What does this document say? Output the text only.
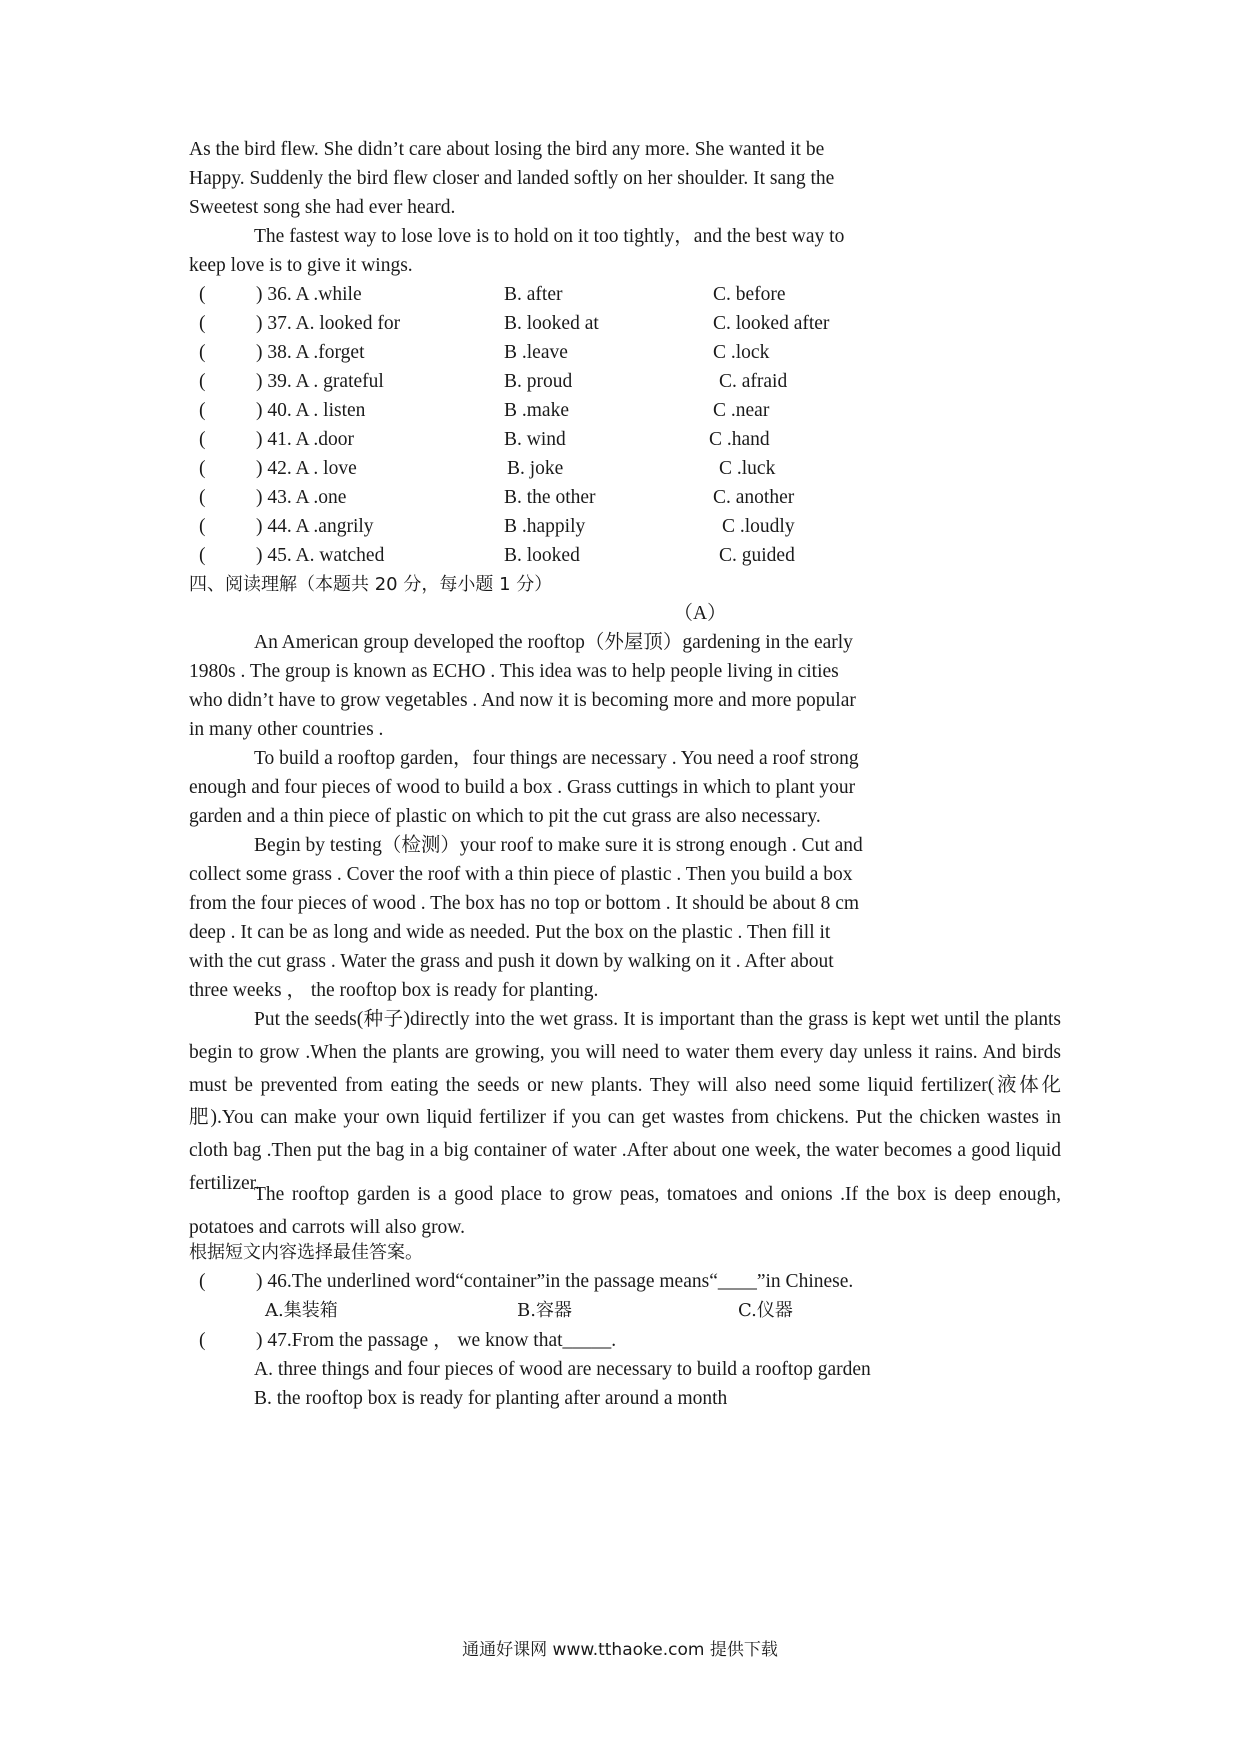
As the bird flew. She didn’t care about losing the bird any more. She wanted it be
Happy. Suddenly the bird flew closer and landed softly on her shoulder. It sang the
Sweetest song she had ever heard.
The fastest way to lose love is to hold on it too tightly，and the best way to
keep love is to give it wings.
(	) 36. A .while	B. after	C. before
(	) 37. A. looked for	B. looked at	C. looked after
(	) 38. A .forget	B .leave	C .lock
(	) 39. A . grateful	B. proud	C. afraid
(	) 40. A . listen	B .make	C .near
(	) 41. A .door	B. wind	C .hand
(	) 42. A . love	B. joke	C .luck
(	) 43. A .one	B. the other	C. another
(	) 44. A .angrily	B .happily	C .loudly
(	) 45. A. watched	B. looked	C. guided
四、阅读理解（本题共 20 分，每小题 1 分）
（A）
An American group developed the rooftop（外屋顶）gardening in the early
1980s . The group is known as ECHO . This idea was to help people living in cities
who didn’t have to grow vegetables . And now it is becoming more and more popular
in many other countries .
To build a rooftop garden，four things are necessary . You need a roof strong
enough and four pieces of wood to build a box . Grass cuttings in which to plant your
garden and a thin piece of plastic on which to pit the cut grass are also necessary.
Begin by testing（检测）your roof to make sure it is strong enough . Cut and
collect some grass . Cover the roof with a thin piece of plastic . Then you build a box
from the four pieces of wood . The box has no top or bottom . It should be about 8 cm
deep . It can be as long and wide as needed. Put the box on the plastic . Then fill it
with the cut grass . Water the grass and push it down by walking on it . After about
three weeks ， the rooftop box is ready for planting.
Put the seeds(种子)directly into the wet grass. It is important than the grass is kept wet until the plants begin to grow .When the plants are growing, you will need to water them every day unless it rains. And birds must be prevented from eating the seeds or new plants. They will also need some liquid fertilizer(液体化肥).You can make your own liquid fertilizer if you can get wastes from chickens. Put the chicken wastes in cloth bag .Then put the bag in a big container of water .After about one week, the water becomes a good liquid fertilizer.
The rooftop garden is a good place to grow peas, tomatoes and onions .If the box is deep enough, potatoes and carrots will also grow.
根据短文内容选择最佳答案。
(	) 46.The underlined word“container”in the passage means“____”in Chinese.
A.集装箱	B.容器	C.仪器
(	) 47.From the passage ， we know that_____.
A. three things and four pieces of wood are necessary to build a rooftop garden
B. the rooftop box is ready for planting after around a month
通通好课网 www.tthaoke.com 提供下载
